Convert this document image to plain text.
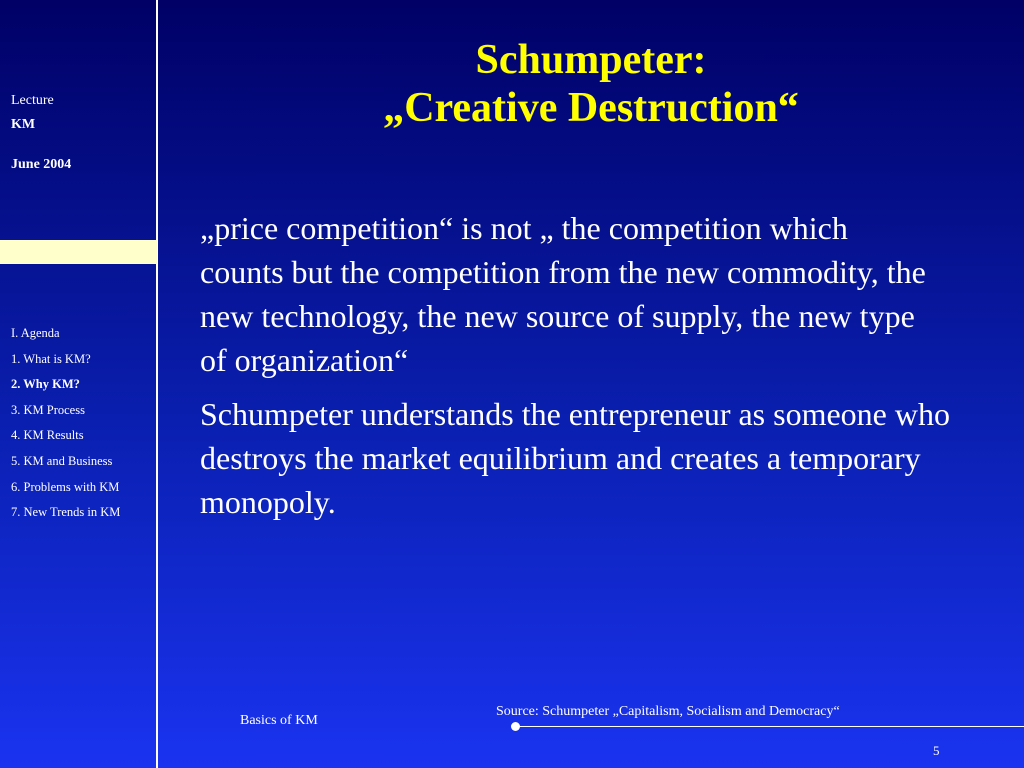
Lecture
KM
June 2004
I. Agenda
1. What is KM?
2. Why KM?
3. KM Process
4. KM Results
5. KM and Business
6. Problems with KM
7. New Trends in KM
Schumpeter:
„Creative Destruction“

„price competition“ is not „ the competition which counts but the competition from the new commodity, the new technology, the new source of supply, the new type of organization“

Schumpeter understands the entrepreneur as someone who destroys the market equilibrium and creates a temporary monopoly.

Basics of KM
Source: Schumpeter „Capitalism, Socialism and Democracy“
5
